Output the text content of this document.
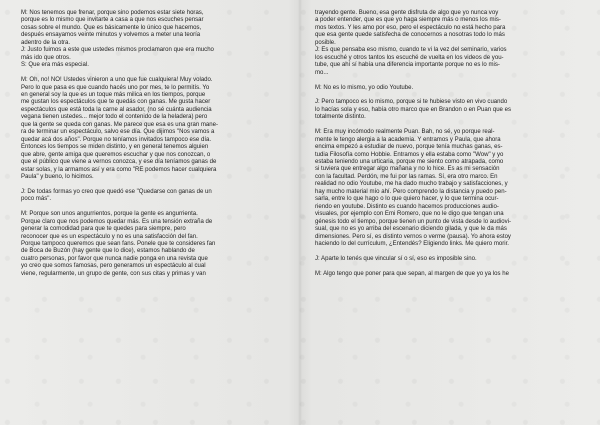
M: Nos tenemos que frenar, porque sino podemos estar siete horas,
porque es lo mismo que invitarte a casa a que nos escuches pensar
cosas sobre el mundo. Que es básicamente lo único que hacemos,
después ensayamos veinte minutos y volvemos a meter una teoría
adentro de la otra.
J: Justo fuimos a este que ustedes mismos proclamaron que era mucho
más ido que otros.
S: Que era más especial.
M: Oh, no! NO! Ustedes vinieron a uno que fue cualquiera! Muy volado.
Pero lo que pasa es que cuando hacés uno por mes, te lo permitís. Yo
en general soy la que es un toque más milica en los tiempos, porque
me gustan los espectáculos que te quedás con ganas. Me gusta hacer
espectáculos que está toda la carne al asador, (no sé cuánta audiencia
vegana tienen ustedes... mejor todo el contenido de la heladera) pero
que la gente se queda con ganas. Me parece que esa es una gran mane-
ra de terminar un espectáculo, salvo ese día. Que dijimos "Nos vamos a
quedar acá dos años". Porque no teníamos invitados tampoco ese día.
Entonces los tiempos se miden distinto, y en general tenemos alguien
que abre, gente amiga que queremos escuchar y que nos conozcan, o
que el público que viene a vernos conozca, y ese día teníamos ganas de
estar solas, y la armamos así y era como "RE podemos hacer cualquiera
Paula" y bueno, lo hicimos.
J: De todas formas yo creo que quedó ese "Quedarse con ganas de un
poco más".
M: Porque son unos angurrientos, porque la gente es angurrienta.
Porque claro que nos podemos quedar más. Es una tensión extraña de
generar la comodidad para que te quedes para siempre, pero
reconocer que es un espectáculo y no es una satisfacción del fan.
Porque tampoco queremos que sean fans. Ponele que te consideres fan
de Boca de Buzón (hay gente que lo dice), estamos hablando de
cuatro personas, por favor que nunca nadie ponga en una revista que
yo creo que somos famosas, pero generamos un espectáculo al cual
viene, regularmente, un grupo de gente, con sus citas y primas y van
trayendo gente. Bueno, esa gente disfruta de algo que yo nunca voy
a poder entender, que es que yo haga siempre más o menos los mis-
mos textos. Y les amo por eso, pero el espectáculo no está hecho para
que esa gente quede satisfecha de conocernos a nosotras todo lo más
posible.
J: Es que pensaba eso mismo, cuando te vi la vez del seminario, varios
los escuché y otros tantos los escuché de vuelta en los videos de you-
tube, que ahí sí había una diferencia importante porque no es lo mis-
mo...
M: No es lo mismo, yo odio Youtube.
J: Pero tampoco es lo mismo, porque si te hubiese visto en vivo cuando
lo hacías sola y eso, había otro marco que en Brandon o en Puan que es
totalmente distinto.
M: Era muy incómodo realmente Puan. Bah, no sé, yo porque real-
mente le tengo alergia a la academia. Y entramos y Paula, que ahora
encima empezó a estudiar de nuevo, porque tenía muchas ganas, es-
tudia Filosofía como Hobbie. Entramos y ella estaba como "Wow" y yo
estaba teniendo una urticaria, porque me siento como atrapada, como
si tuviera que entregar algo mañana y no lo hice. Es as mi sensación
con la facultad. Perdón, me fui por las ramas. Sí, era otro marco. En
realidad no odio Youtube, me ha dado mucho trabajo y satisfacciones, y
hay mucho material mío ahí. Pero comprendo la distancia y puedo pen-
sarla, entre lo que hago o lo que quiero hacer, y lo que termina ocur-
riendo en youtube. Distinto es cuando hacemos producciones audio-
visuales, por ejemplo con Emi Romero, que no le digo que tengan una
génesis todo el tiempo, porque tienen un punto de vista desde lo audiovi-
sual, que no es yo arriba del escenario diciendo gilada, y que le da más
dimensiones. Pero sí, es distinto vernos o verme (pausa). Yo ahora estoy
haciendo lo del currículum, ¿Entendés? Eligiendo links. Me quiero morir.
J: Aparte lo tenés que vincular sí o sí, eso es imposible sino.
M: Algo tengo que poner para que sepan, al margen de que yo ya los he
